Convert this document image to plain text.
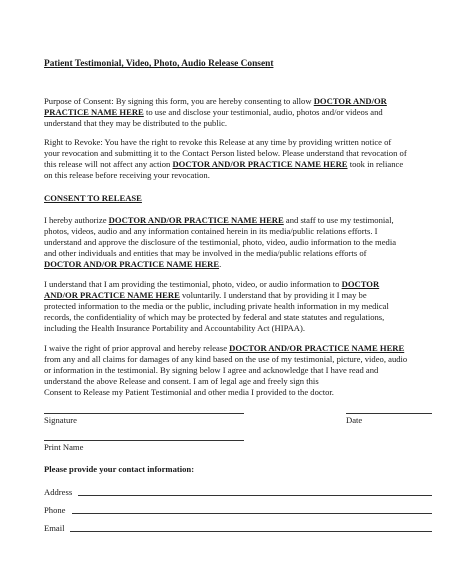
Patient Testimonial, Video, Photo, Audio Release Consent
Purpose of Consent: By signing this form, you are hereby consenting to allow DOCTOR AND/OR
PRACTICE NAME HERE to use and disclose your testimonial, audio, photos and/or videos and
understand that they may be distributed to the public.
Right to Revoke: You have the right to revoke this Release at any time by providing written notice of
your revocation and submitting it to the Contact Person listed below. Please understand that revocation of
this release will not affect any action DOCTOR AND/OR PRACTICE NAME HERE took in reliance
on this release before receiving your revocation.
CONSENT TO RELEASE
I hereby authorize DOCTOR AND/OR PRACTICE NAME HERE and staff to use my testimonial,
photos, videos, audio and any information contained herein in its media/public relations efforts. I
understand and approve the disclosure of the testimonial, photo, video, audio information to the media
and other individuals and entities that may be involved in the media/public relations efforts of
DOCTOR AND/OR PRACTICE NAME HERE.
I understand that I am providing the testimonial, photo, video, or audio information to DOCTOR
AND/OR PRACTICE NAME HERE voluntarily. I understand that by providing it I may be
protected information to the media or the public, including private health information in my medical
records, the confidentiality of which may be protected by federal and state statutes and regulations,
including the Health Insurance Portability and Accountability Act (HIPAA).
I waive the right of prior approval and hereby release DOCTOR AND/OR PRACTICE NAME HERE
from any and all claims for damages of any kind based on the use of my testimonial, picture, video, audio
or information in the testimonial. By signing below I agree and acknowledge that I have read and
understand the above Release and consent. I am of legal age and freely sign this
Consent to Release my Patient Testimonial and other media I provided to the doctor.
Signature	Date
Print Name
Please provide your contact information:
Address
Phone
Email
